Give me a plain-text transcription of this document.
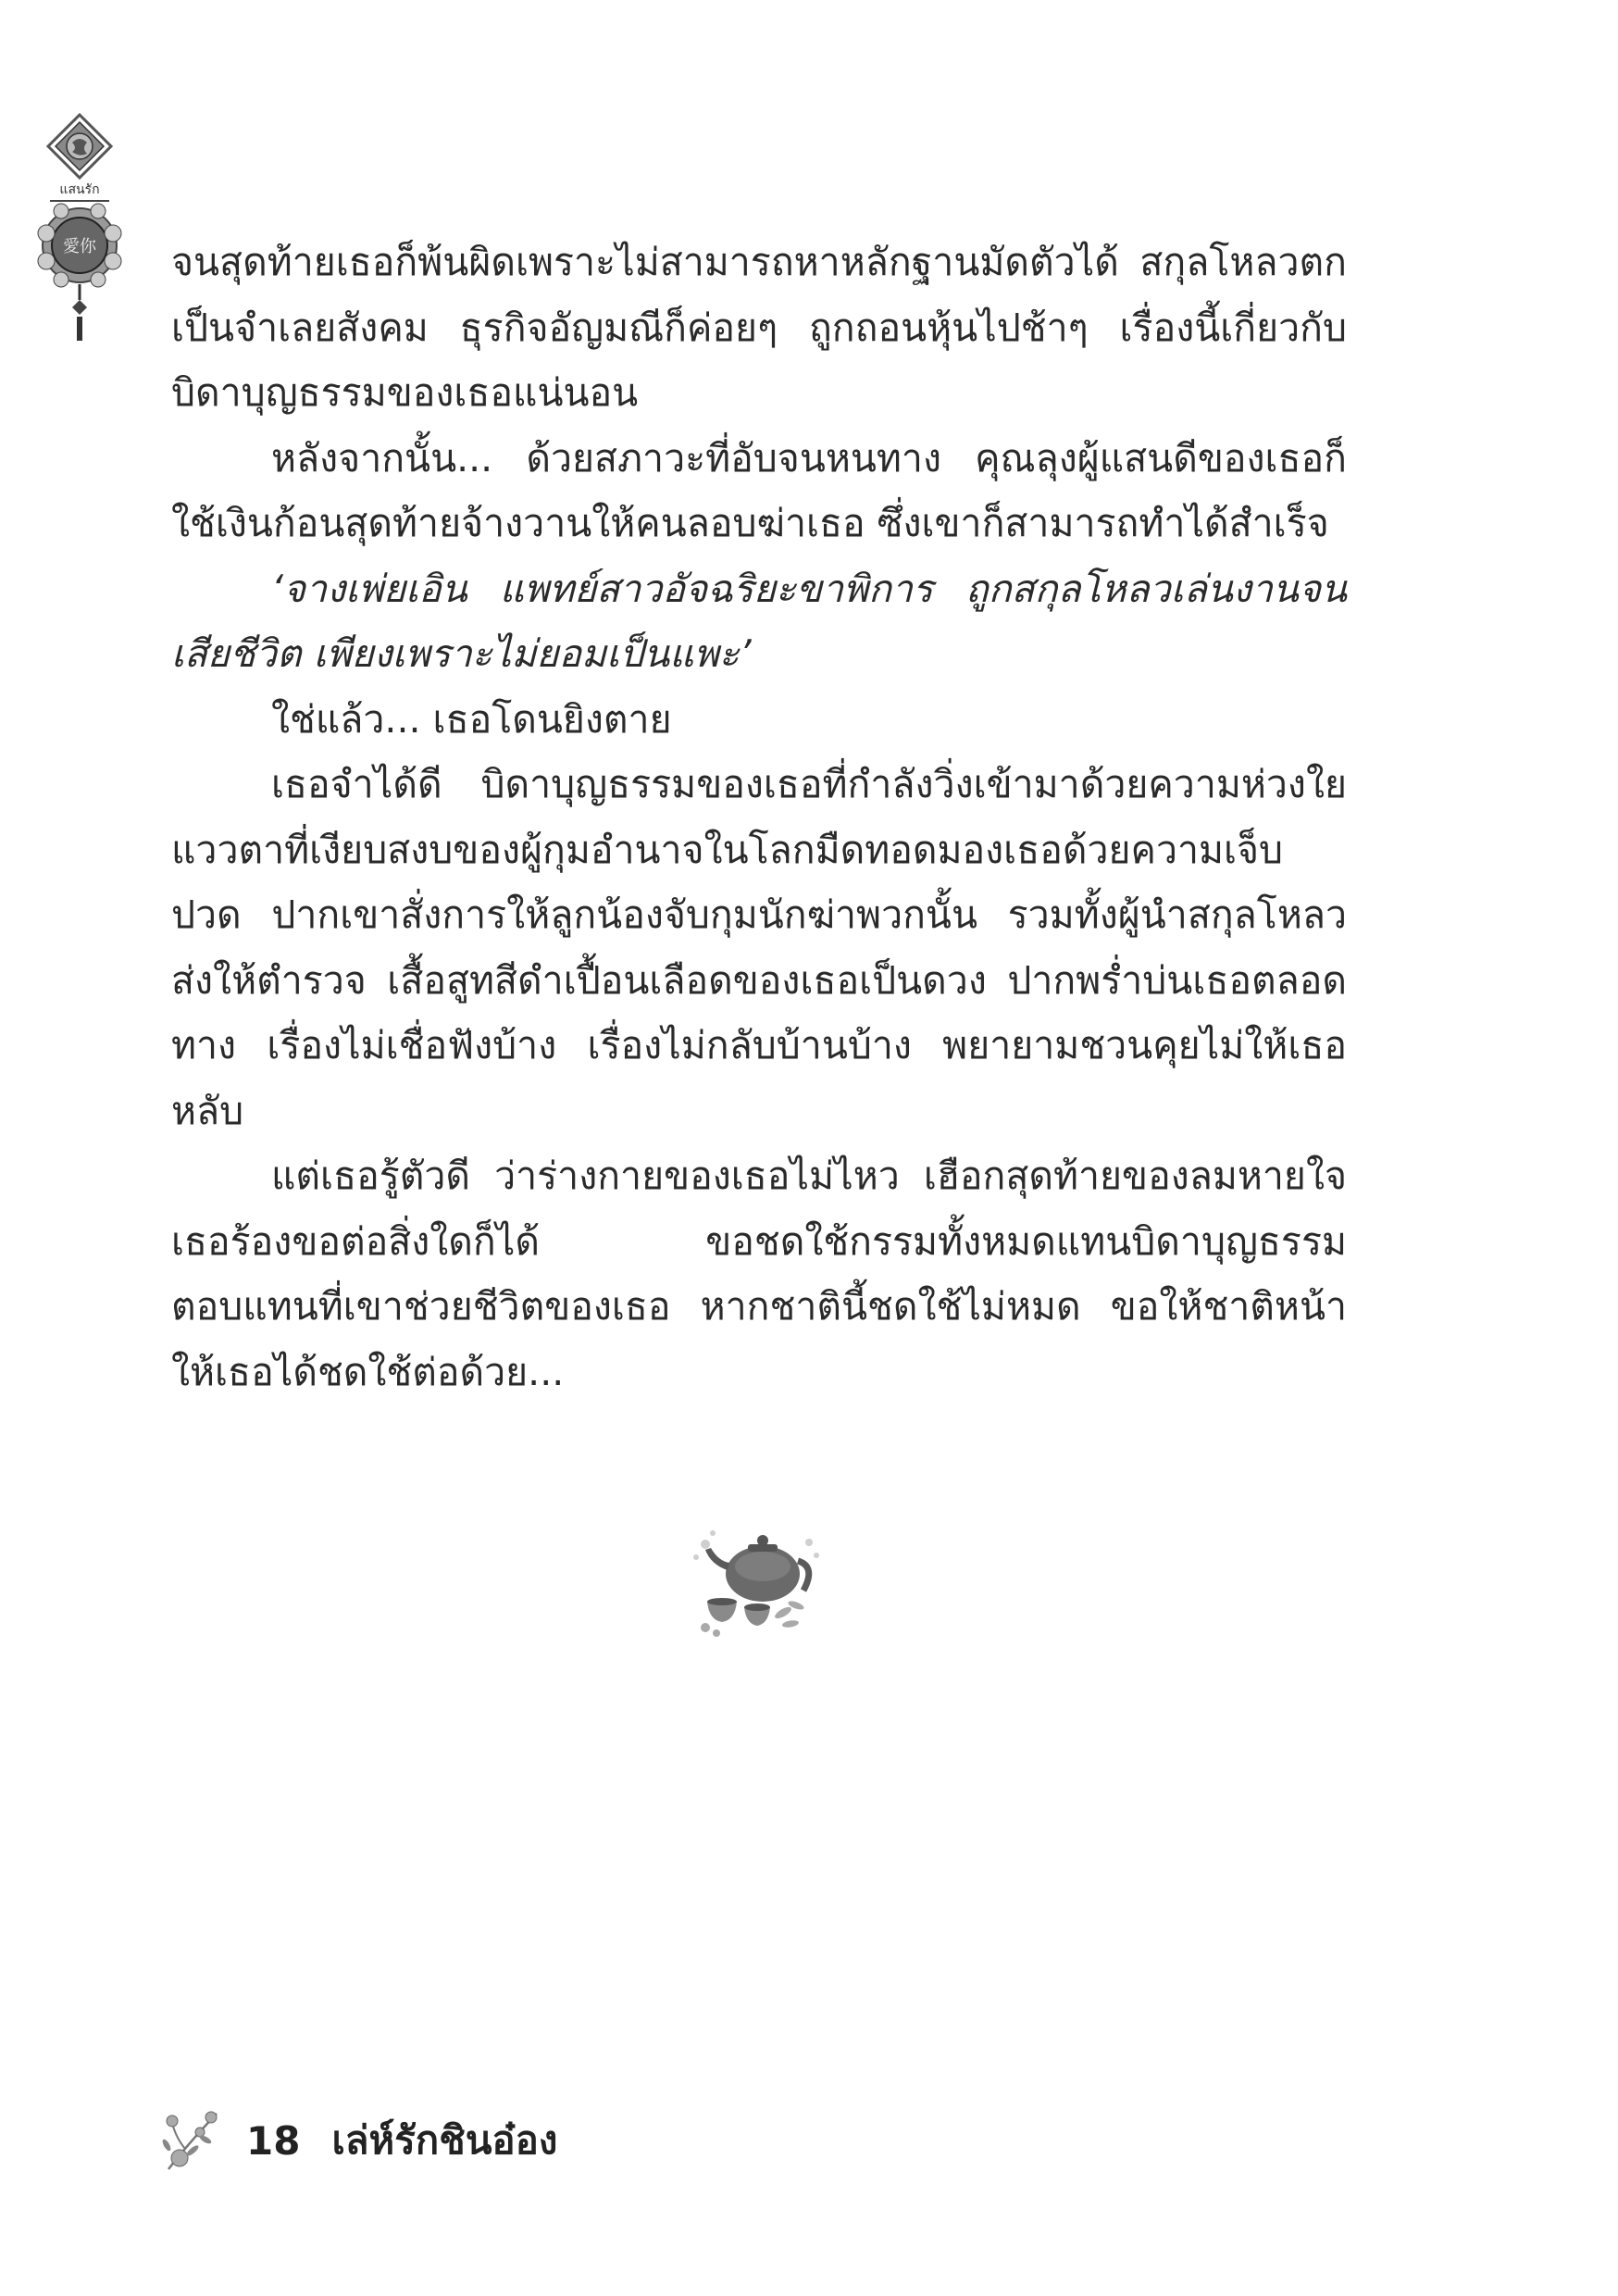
แสนรัก
愛你 จนสุดท้ายเธอก็พ้นผิดเพราะไม่สามารถหาหลักฐานมัดตัวได้ สกุลโหลวตกเป็นจำเลยสังคม ธุรกิจอัญมณีก็ค่อยๆ ถูกถอนหุ้นไปช้าๆ เรื่องนี้เกี่ยวกับบิดาบุญธรรมของเธอแน่นอน

หลังจากนั้น... ด้วยสภาวะที่อับจนหนทาง คุณลุงผู้แสนดีของเธอก็ใช้เงินก้อนสุดท้ายจ้างวานให้คนลอบฆ่าเธอ ซึ่งเขาก็สามารถทำได้สำเร็จ

‘จางเพ่ยเอิน แพทย์สาวอัจฉริยะขาพิการ ถูกสกุลโหลวเล่นงานจนเสียชีวิต เพียงเพราะไม่ยอมเป็นแพะ’

ใช่แล้ว... เธอโดนยิงตาย

เธอจำได้ดี บิดาบุญธรรมของเธอที่กำลังวิ่งเข้ามาด้วยความห่วงใย แววตาที่เงียบสงบของผู้กุมอำนาจในโลกมืดทอดมองเธอด้วยความเจ็บปวด ปากเขาสั่งการให้ลูกน้องจับกุมนักฆ่าพวกนั้น รวมทั้งผู้นำสกุลโหลวส่งให้ตำรวจ เสื้อสูทสีดำเปื้อนเลือดของเธอเป็นดวง ปากพร่ำบ่นเธอตลอดทาง เรื่องไม่เชื่อฟังบ้าง เรื่องไม่กลับบ้านบ้าง พยายามชวนคุยไม่ให้เธอหลับ

แต่เธอรู้ตัวดี ว่าร่างกายของเธอไม่ไหว เฮือกสุดท้ายของลมหายใจ เธอร้องขอต่อสิ่งใดก็ได้ ขอชดใช้กรรมทั้งหมดแทนบิดาบุญธรรม ตอบแทนที่เขาช่วยชีวิตของเธอ หากชาตินี้ชดใช้ไม่หมด ขอให้ชาติหน้าให้เธอได้ชดใช้ต่อด้วย...

18 เล่ห์รักชินอ๋อง
